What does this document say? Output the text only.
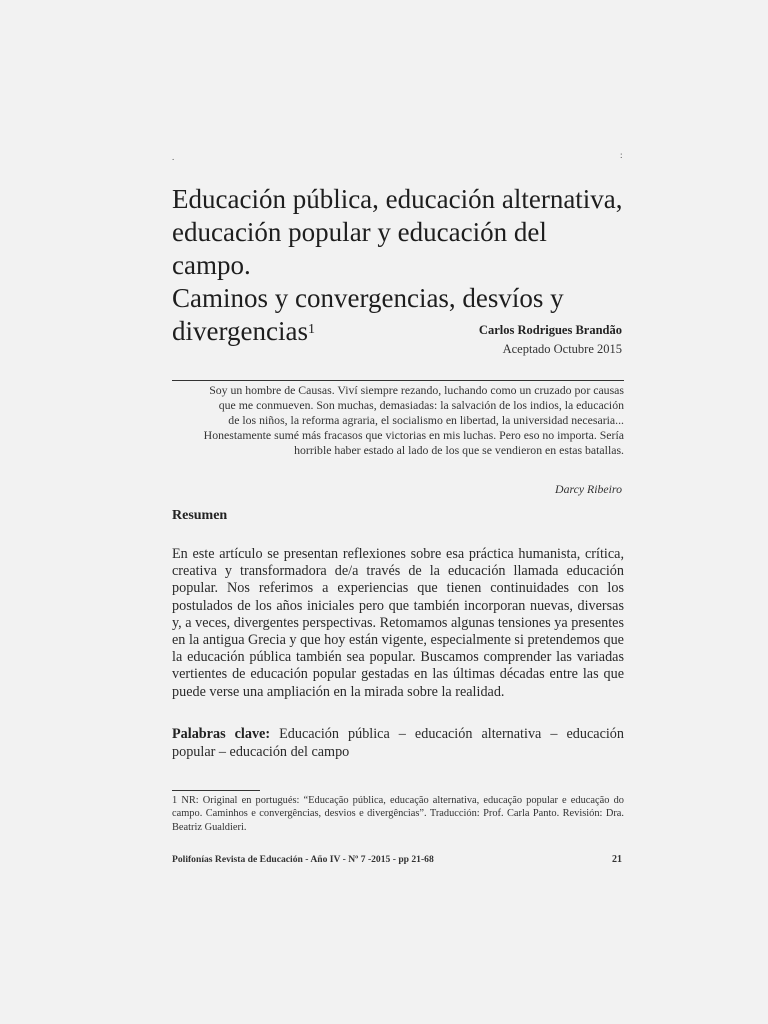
.	:
Educación pública, educación alternativa,
educación popular y educación del campo.
Caminos y convergencias, desvíos y
divergencias$^1$	Carlos Rodrigues Brandão
Aceptado Octubre 2015

Soy un hombre de Causas. Viví siempre rezando, luchando como un cruzado por causas
que me conmueven. Son muchas, demasiadas: la salvación de los indios, la educación
de los niños, la reforma agraria, el socialismo en libertad, la universidad necesaria...
Honestamente sumé más fracasos que victorias en mis luchas. Pero eso no importa. Sería
horrible haber estado al lado de los que se vendieron en estas batallas.

Darcy Ribeiro
Resumen

En este artículo se presentan reflexiones sobre esa práctica humanista, crítica, creativa y transformadora de/a través de la educación llamada educación popular. Nos referimos a experiencias que tienen continuidades con los postulados de los años iniciales pero que también incorporan nuevas, diversas y, a veces, divergentes perspectivas. Retomamos algunas tensiones ya presentes en la antigua Grecia y que hoy están vigente, especialmente si pretendemos que la educación pública también sea popular. Buscamos comprender las variadas vertientes de educación popular gestadas en las últimas décadas entre las que puede verse una ampliación en la mirada sobre la realidad.

Palabras clave: Educación pública – educación alternativa – educación popular – educación del campo

1 NR: Original en portugués: “Educação pública, educação alternativa, educação popular e educação do campo. Caminhos e convergências, desvios e divergências”. Traducción: Prof. Carla Panto. Revisión: Dra. Beatriz Gualdieri.

Polifonías Revista de Educación - Año IV - Nº 7 -2015 - pp 21-68	21
